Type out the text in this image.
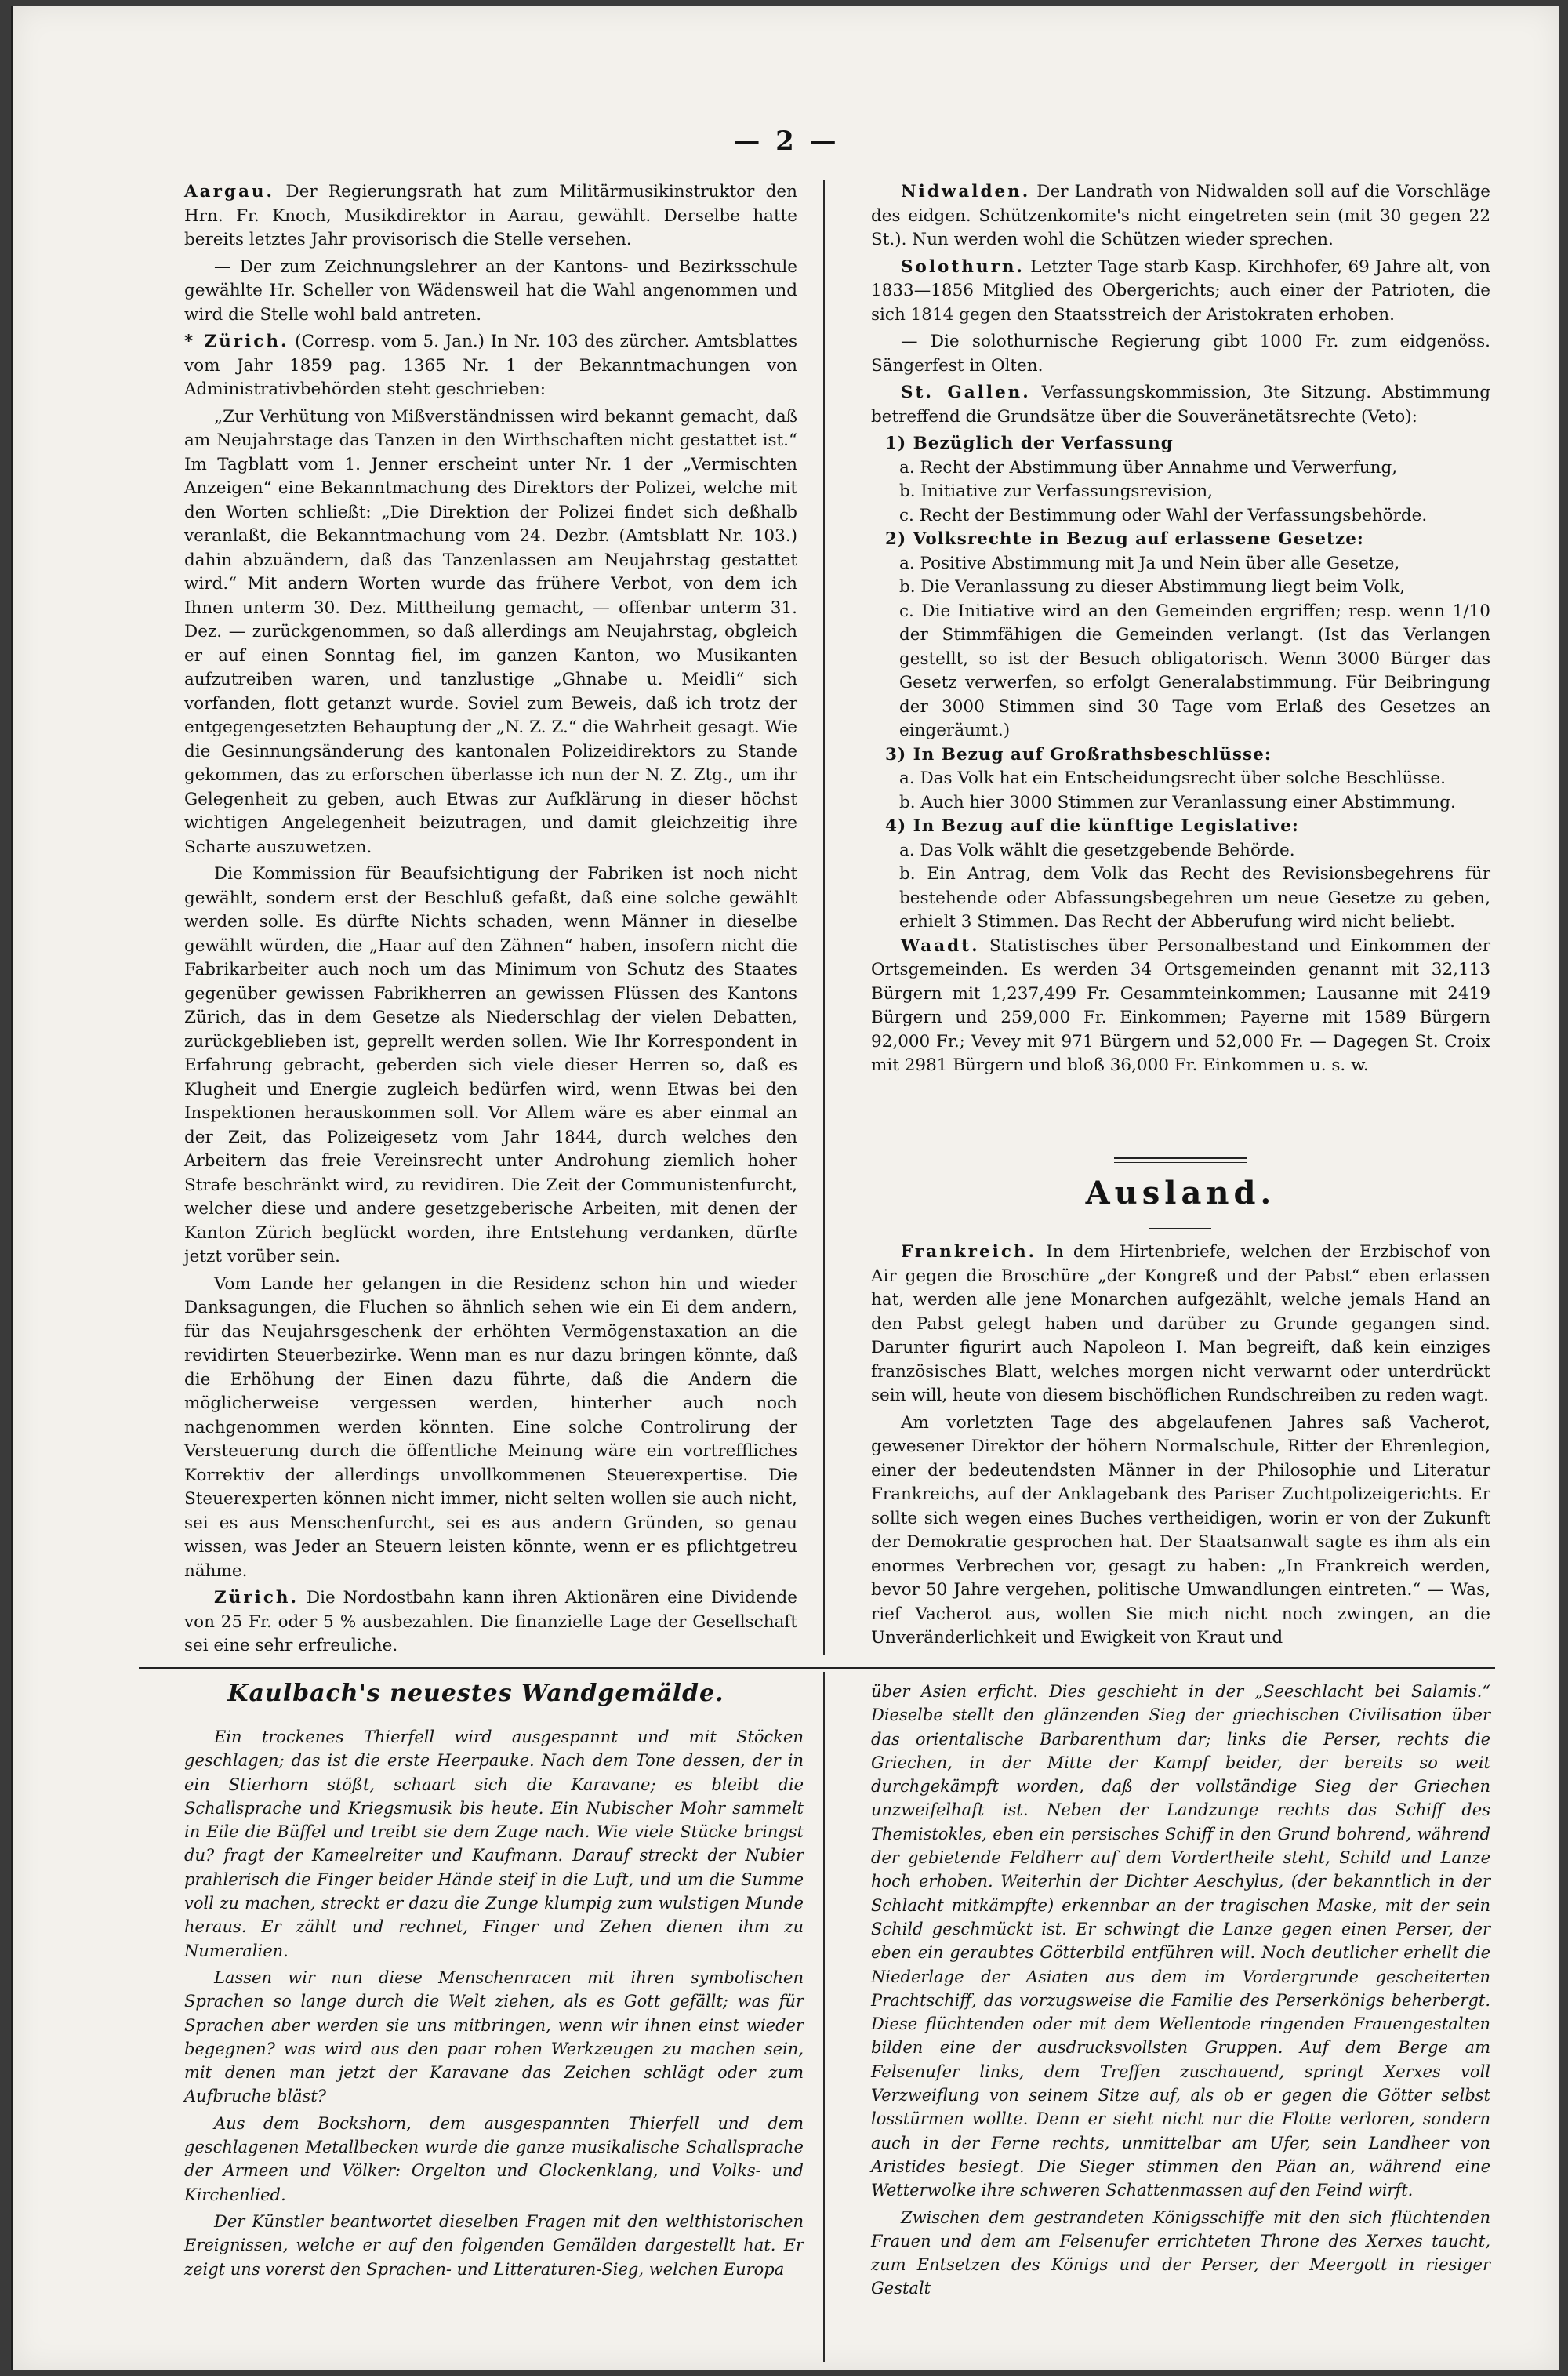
— 2 —

Aargau. Der Regierungsrath hat zum Militärmusikinstruktor den Hrn. Fr. Knoch, Musikdirektor in Aarau, gewählt. Derselbe hatte bereits letztes Jahr provisorisch die Stelle versehen.

— Der zum Zeichnungslehrer an der Kantons- und Bezirksschule gewählte Hr. Scheller von Wädensweil hat die Wahl angenommen und wird die Stelle wohl bald antreten.

* Zürich. (Corresp. vom 5. Jan.) In Nr. 103 des zürcher. Amtsblattes vom Jahr 1859 pag. 1365 Nr. 1 der Bekanntmachungen von Administrativbehörden steht geschrieben:

„Zur Verhütung von Mißverständnissen wird bekannt gemacht, daß am Neujahrstage das Tanzen in den Wirthschaften nicht gestattet ist.“ Im Tagblatt vom 1. Jenner erscheint unter Nr. 1 der „Vermischten Anzeigen“ eine Bekanntmachung des Direktors der Polizei, welche mit den Worten schließt: „Die Direktion der Polizei findet sich deßhalb veranlaßt, die Bekanntmachung vom 24. Dezbr. (Amtsblatt Nr. 103.) dahin abzuändern, daß das Tanzenlassen am Neujahrstag gestattet wird.“ Mit andern Worten wurde das frühere Verbot, von dem ich Ihnen unterm 30. Dez. Mittheilung gemacht, — offenbar unterm 31. Dez. — zurückgenommen, so daß allerdings am Neujahrstag, obgleich er auf einen Sonntag fiel, im ganzen Kanton, wo Musikanten aufzutreiben waren, und tanzlustige „Ghnabe u. Meidli“ sich vorfanden, flott getanzt wurde. Soviel zum Beweis, daß ich trotz der entgegengesetzten Behauptung der „N. Z. Z.“ die Wahrheit gesagt. Wie die Gesinnungsänderung des kantonalen Polizeidirektors zu Stande gekommen, das zu erforschen überlasse ich nun der N. Z. Ztg., um ihr Gelegenheit zu geben, auch Etwas zur Aufklärung in dieser höchst wichtigen Angelegenheit beizutragen, und damit gleichzeitig ihre Scharte auszuwetzen.

Die Kommission für Beaufsichtigung der Fabriken ist noch nicht gewählt, sondern erst der Beschluß gefaßt, daß eine solche gewählt werden solle. Es dürfte Nichts schaden, wenn Männer in dieselbe gewählt würden, die „Haar auf den Zähnen“ haben, insofern nicht die Fabrikarbeiter auch noch um das Minimum von Schutz des Staates gegenüber gewissen Fabrikherren an gewissen Flüssen des Kantons Zürich, das in dem Gesetze als Niederschlag der vielen Debatten, zurückgeblieben ist, geprellt werden sollen. Wie Ihr Korrespondent in Erfahrung gebracht, geberden sich viele dieser Herren so, daß es Klugheit und Energie zugleich bedürfen wird, wenn Etwas bei den Inspektionen herauskommen soll. Vor Allem wäre es aber einmal an der Zeit, das Polizeigesetz vom Jahr 1844, durch welches den Arbeitern das freie Vereinsrecht unter Androhung ziemlich hoher Strafe beschränkt wird, zu revidiren. Die Zeit der Communistenfurcht, welcher diese und andere gesetzgeberische Arbeiten, mit denen der Kanton Zürich beglückt worden, ihre Entstehung verdanken, dürfte jetzt vorüber sein.

Vom Lande her gelangen in die Residenz schon hin und wieder Danksagungen, die Fluchen so ähnlich sehen wie ein Ei dem andern, für das Neujahrsgeschenk der erhöhten Vermögenstaxation an die revidirten Steuerbezirke. Wenn man es nur dazu bringen könnte, daß die Erhöhung der Einen dazu führte, daß die Andern die möglicherweise vergessen werden, hinterher auch noch nachgenommen werden könnten. Eine solche Controlirung der Versteuerung durch die öffentliche Meinung wäre ein vortreffliches Korrektiv der allerdings unvollkommenen Steuerexpertise. Die Steuerexperten können nicht immer, nicht selten wollen sie auch nicht, sei es aus Menschenfurcht, sei es aus andern Gründen, so genau wissen, was Jeder an Steuern leisten könnte, wenn er es pflichtgetreu nähme.

Zürich. Die Nordostbahn kann ihren Aktionären eine Dividende von 25 Fr. oder 5 % ausbezahlen. Die finanzielle Lage der Gesellschaft sei eine sehr erfreuliche.

Nidwalden. Der Landrath von Nidwalden soll auf die Vorschläge des eidgen. Schützenkomite's nicht eingetreten sein (mit 30 gegen 22 St.). Nun werden wohl die Schützen wieder sprechen.

Solothurn. Letzter Tage starb Kasp. Kirchhofer, 69 Jahre alt, von 1833—1856 Mitglied des Obergerichts; auch einer der Patrioten, die sich 1814 gegen den Staatsstreich der Aristokraten erhoben.

— Die solothurnische Regierung gibt 1000 Fr. zum eidgenöss. Sängerfest in Olten.

St. Gallen. Verfassungskommission, 3te Sitzung. Abstimmung betreffend die Grundsätze über die Souveränetätsrechte (Veto):

1) Bezüglich der Verfassung

a. Recht der Abstimmung über Annahme und Verwerfung,

b. Initiative zur Verfassungsrevision,

c. Recht der Bestimmung oder Wahl der Verfassungsbehörde.

2) Volksrechte in Bezug auf erlassene Gesetze:

a. Positive Abstimmung mit Ja und Nein über alle Gesetze,

b. Die Veranlassung zu dieser Abstimmung liegt beim Volk,

c. Die Initiative wird an den Gemeinden ergriffen; resp. wenn 1/10 der Stimmfähigen die Gemeinden verlangt. (Ist das Verlangen gestellt, so ist der Besuch obligatorisch. Wenn 3000 Bürger das Gesetz verwerfen, so erfolgt Generalabstimmung. Für Beibringung der 3000 Stimmen sind 30 Tage vom Erlaß des Gesetzes an eingeräumt.)

3) In Bezug auf Großrathsbeschlüsse:

a. Das Volk hat ein Entscheidungsrecht über solche Beschlüsse.

b. Auch hier 3000 Stimmen zur Veranlassung einer Abstimmung.

4) In Bezug auf die künftige Legislative:

a. Das Volk wählt die gesetzgebende Behörde.

b. Ein Antrag, dem Volk das Recht des Revisionsbegehrens für bestehende oder Abfassungsbegehren um neue Gesetze zu geben, erhielt 3 Stimmen. Das Recht der Abberufung wird nicht beliebt.

Waadt. Statistisches über Personalbestand und Einkommen der Ortsgemeinden. Es werden 34 Ortsgemeinden genannt mit 32,113 Bürgern mit 1,237,499 Fr. Gesammteinkommen; Lausanne mit 2419 Bürgern und 259,000 Fr. Einkommen; Payerne mit 1589 Bürgern 92,000 Fr.; Vevey mit 971 Bürgern und 52,000 Fr. — Dagegen St. Croix mit 2981 Bürgern und bloß 36,000 Fr. Einkommen u. s. w.

Ausland.

Frankreich. In dem Hirtenbriefe, welchen der Erzbischof von Air gegen die Broschüre „der Kongreß und der Pabst“ eben erlassen hat, werden alle jene Monarchen aufgezählt, welche jemals Hand an den Pabst gelegt haben und darüber zu Grunde gegangen sind. Darunter figurirt auch Napoleon I. Man begreift, daß kein einziges französisches Blatt, welches morgen nicht verwarnt oder unterdrückt sein will, heute von diesem bischöflichen Rundschreiben zu reden wagt.

Am vorletzten Tage des abgelaufenen Jahres saß Vacherot, gewesener Direktor der höhern Normalschule, Ritter der Ehrenlegion, einer der bedeutendsten Männer in der Philosophie und Literatur Frankreichs, auf der Anklagebank des Pariser Zuchtpolizeigerichts. Er sollte sich wegen eines Buches vertheidigen, worin er von der Zukunft der Demokratie gesprochen hat. Der Staatsanwalt sagte es ihm als ein enormes Verbrechen vor, gesagt zu haben: „In Frankreich werden, bevor 50 Jahre vergehen, politische Umwandlungen eintreten.“ — Was, rief Vacherot aus, wollen Sie mich nicht noch zwingen, an die Unveränderlichkeit und Ewigkeit von Kraut und

Kaulbach's neuestes Wandgemälde.

Ein trockenes Thierfell wird ausgespannt und mit Stöcken geschlagen; das ist die erste Heerpauke. Nach dem Tone dessen, der in ein Stierhorn stößt, schaart sich die Karavane; es bleibt die Schallsprache und Kriegsmusik bis heute. Ein Nubischer Mohr sammelt in Eile die Büffel und treibt sie dem Zuge nach. Wie viele Stücke bringst du? fragt der Kameelreiter und Kaufmann. Darauf streckt der Nubier prahlerisch die Finger beider Hände steif in die Luft, und um die Summe voll zu machen, streckt er dazu die Zunge klumpig zum wulstigen Munde heraus. Er zählt und rechnet, Finger und Zehen dienen ihm zu Numeralien.

Lassen wir nun diese Menschenracen mit ihren symbolischen Sprachen so lange durch die Welt ziehen, als es Gott gefällt; was für Sprachen aber werden sie uns mitbringen, wenn wir ihnen einst wieder begegnen? was wird aus den paar rohen Werkzeugen zu machen sein, mit denen man jetzt der Karavane das Zeichen schlägt oder zum Aufbruche bläst?

Aus dem Bockshorn, dem ausgespannten Thierfell und dem geschlagenen Metallbecken wurde die ganze musikalische Schallsprache der Armeen und Völker: Orgelton und Glockenklang, und Volks- und Kirchenlied.

Der Künstler beantwortet dieselben Fragen mit den welthistorischen Ereignissen, welche er auf den folgenden Gemälden dargestellt hat. Er zeigt uns vorerst den Sprachen- und Litteraturen-Sieg, welchen Europa

über Asien erficht. Dies geschieht in der „Seeschlacht bei Salamis.“ Dieselbe stellt den glänzenden Sieg der griechischen Civilisation über das orientalische Barbarenthum dar; links die Perser, rechts die Griechen, in der Mitte der Kampf beider, der bereits so weit durchgekämpft worden, daß der vollständige Sieg der Griechen unzweifelhaft ist. Neben der Landzunge rechts das Schiff des Themistokles, eben ein persisches Schiff in den Grund bohrend, während der gebietende Feldherr auf dem Vordertheile steht, Schild und Lanze hoch erhoben. Weiterhin der Dichter Aeschylus, (der bekanntlich in der Schlacht mitkämpfte) erkennbar an der tragischen Maske, mit der sein Schild geschmückt ist. Er schwingt die Lanze gegen einen Perser, der eben ein geraubtes Götterbild entführen will. Noch deutlicher erhellt die Niederlage der Asiaten aus dem im Vordergrunde gescheiterten Prachtschiff, das vorzugsweise die Familie des Perserkönigs beherbergt. Diese flüchtenden oder mit dem Wellentode ringenden Frauengestalten bilden eine der ausdrucksvollsten Gruppen. Auf dem Berge am Felsenufer links, dem Treffen zuschauend, springt Xerxes voll Verzweiflung von seinem Sitze auf, als ob er gegen die Götter selbst losstürmen wollte. Denn er sieht nicht nur die Flotte verloren, sondern auch in der Ferne rechts, unmittelbar am Ufer, sein Landheer von Aristides besiegt. Die Sieger stimmen den Päan an, während eine Wetterwolke ihre schweren Schattenmassen auf den Feind wirft.

Zwischen dem gestrandeten Königsschiffe mit den sich flüchtenden Frauen und dem am Felsenufer errichteten Throne des Xerxes taucht, zum Entsetzen des Königs und der Perser, der Meergott in riesiger Gestalt
